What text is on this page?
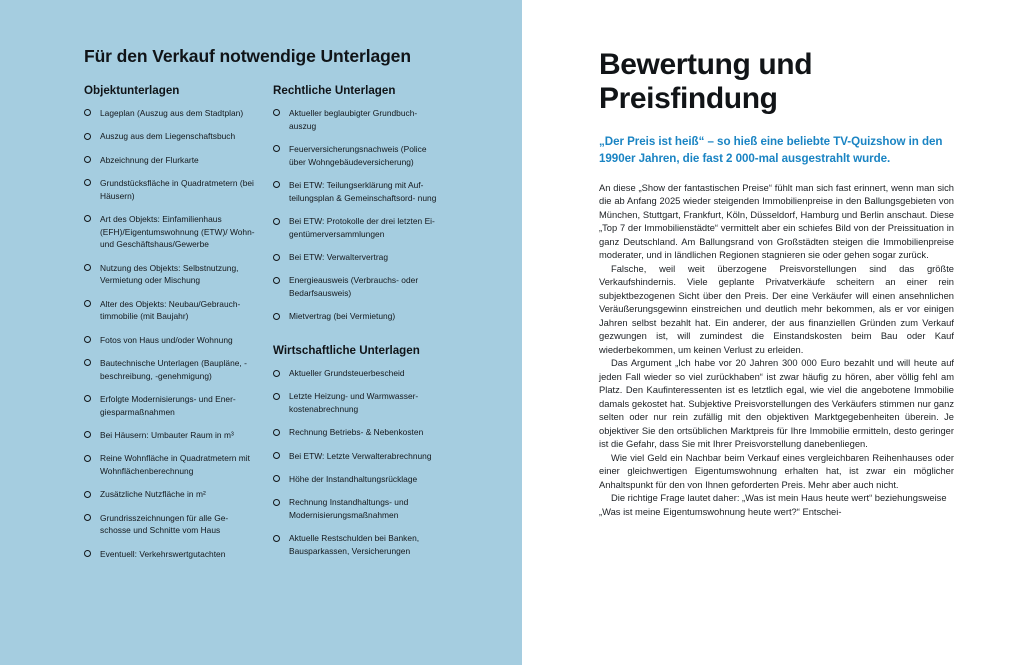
Für den Verkauf notwendige Unterlagen
Objektunterlagen
Lageplan (Auszug aus dem Stadtplan)
Auszug aus dem Liegenschaftsbuch
Abzeichnung der Flurkarte
Grundstücksfläche in Quadratmetern (bei Häusern)
Art des Objekts: Einfamilienhaus (EFH)/Eigentumswohnung (ETW)/ Wohn- und Geschäftshaus/Gewerbe
Nutzung des Objekts: Selbstnutzung, Vermietung oder Mischung
Alter des Objekts: Neubau/Gebrauch- timmobilie (mit Baujahr)
Fotos von Haus und/oder Wohnung
Bautechnische Unterlagen (Baupläne, -beschreibung, -genehmigung)
Erfolgte Modernisierungs- und Ener- giesparmaßnahmen
Bei Häusern: Umbauter Raum in m³
Reine Wohnfläche in Quadratmetern mit Wohnflächenberechnung
Zusätzliche Nutzfläche in m²
Grundrisszeichnungen für alle Ge- schosse und Schnitte vom Haus
Eventuell: Verkehrswertgutachten
Rechtliche Unterlagen
Aktueller beglaubigter Grundbuch- auszug
Feuerversicherungsnachweis (Police über Wohngebäudeversicherung)
Bei ETW: Teilungserklärung mit Auf- teilungsplan & Gemeinschaftsord- nung
Bei ETW: Protokolle der drei letzten Ei- gentümerversammlungen
Bei ETW: Verwaltervertrag
Energieausweis (Verbrauchs- oder Bedarfsausweis)
Mietvertrag (bei Vermietung)
Wirtschaftliche Unterlagen
Aktueller Grundsteuerbescheid
Letzte Heizung- und Warmwasser- kostenabrechnung
Rechnung Betriebs- & Nebenkosten
Bei ETW: Letzte Verwalterabrechnung
Höhe der Instandhaltungsrücklage
Rechnung Instandhaltungs- und Modernisierungsmaßnahmen
Aktuelle Restschulden bei Banken, Bausparkassen, Versicherungen
Bewertung und Preisfindung

„Der Preis ist heiß“ – so hieß eine beliebte TV-Quizshow in den 1990er Jahren, die fast 2 000-mal ausgestrahlt wurde.

An diese „Show der fantastischen Preise“ fühlt man sich fast erinnert, wenn man sich die ab Anfang 2025 wieder steigenden Immobilienpreise in den Ballungsgebieten von München, Stuttgart, Frankfurt, Köln, Düsseldorf, Hamburg und Berlin anschaut. Diese „Top 7 der Immobilienstädte“ vermittelt aber ein schiefes Bild von der Preissituation in ganz Deutschland. Am Ballungsrand von Großstädten steigen die Immobilienpreise moderater, und in ländlichen Regionen stagnieren sie oder gehen sogar zurück.

Falsche, weil weit überzogene Preisvorstellungen sind das größte Verkaufshindernis. Viele geplante Privatverkäufe scheitern an einer rein subjektbezogenen Sicht über den Preis. Der eine Verkäufer will einen ansehnlichen Veräußerungsgewinn einstreichen und deutlich mehr bekommen, als er vor einigen Jahren selbst bezahlt hat. Ein anderer, der aus finanziellen Gründen zum Verkauf gezwungen ist, will zumindest die Einstandskosten beim Bau oder Kauf wiederbekommen, um keinen Verlust zu erleiden.

Das Argument „Ich habe vor 20 Jahren 300 000 Euro bezahlt und will heute auf jeden Fall wieder so viel zurückhaben“ ist zwar häufig zu hören, aber völlig fehl am Platz. Den Kaufinteressenten ist es letztlich egal, wie viel die angebotene Immobilie damals gekostet hat. Subjektive Preisvorstellungen des Verkäufers stimmen nur ganz selten oder nur rein zufällig mit den objektiven Marktgegebenheiten überein. Je objektiver Sie den ortsüblichen Marktpreis für Ihre Immobilie ermitteln, desto geringer ist die Gefahr, dass Sie mit Ihrer Preisvorstellung danebenliegen.

Wie viel Geld ein Nachbar beim Verkauf eines vergleichbaren Reihenhauses oder einer gleichwertigen Eigentumswohnung erhalten hat, ist zwar ein möglicher Anhaltspunkt für den von Ihnen geforderten Preis. Mehr aber auch nicht.

Die richtige Frage lautet daher: „Was ist mein Haus heute wert“ beziehungsweise „Was ist meine Eigentumswohnung heute wert?“ Entschei-
